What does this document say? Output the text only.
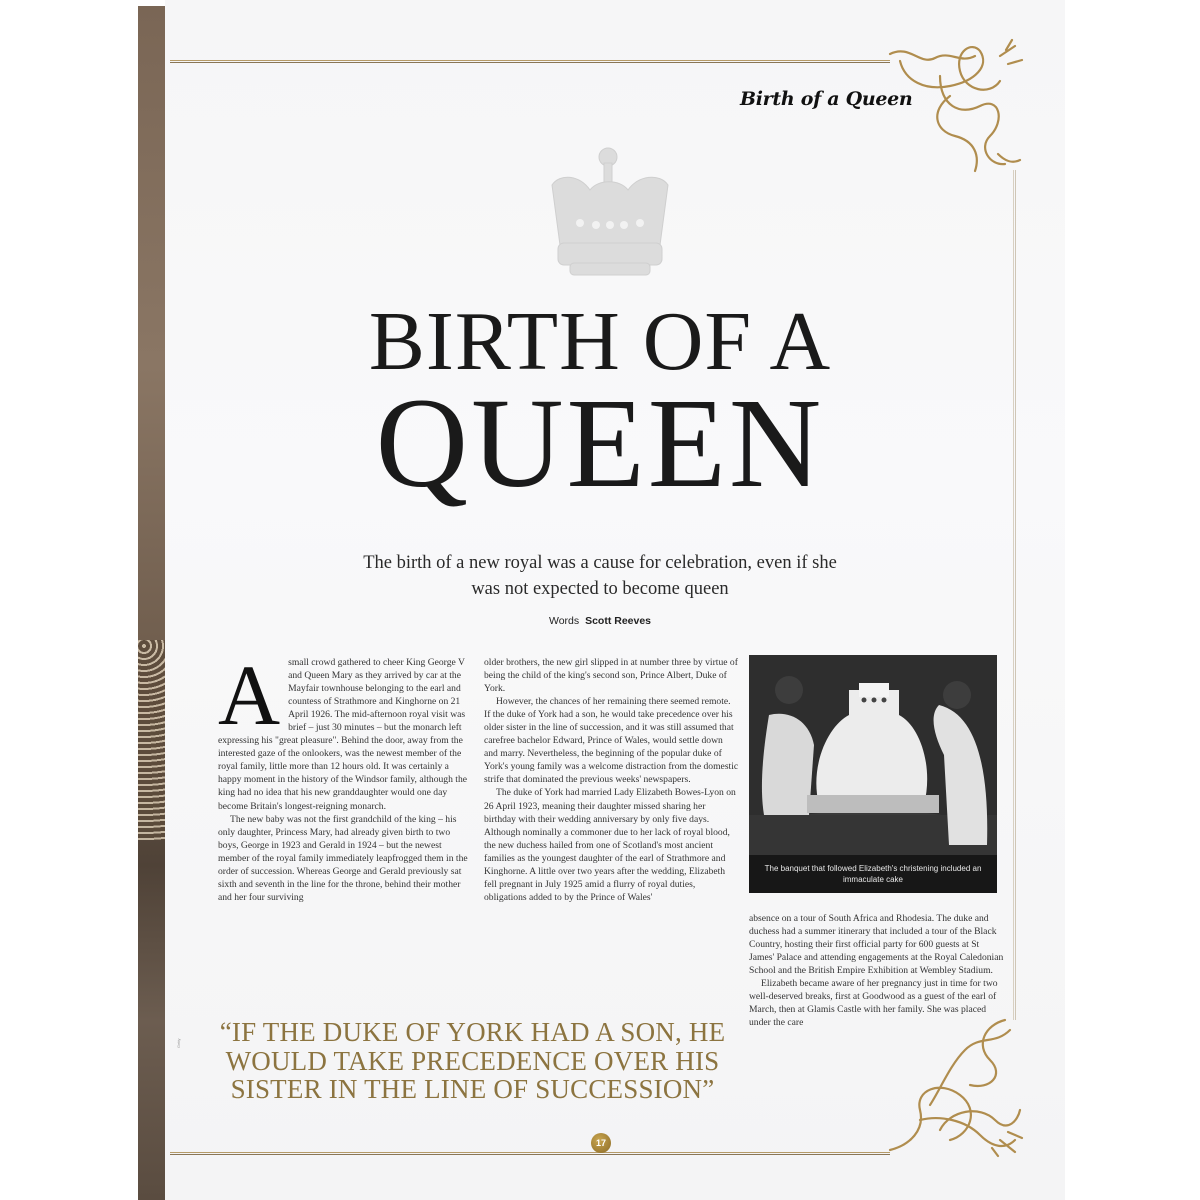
Birth of a Queen
BIRTH OF A
QUEEN

The birth of a new royal was a cause for celebration, even if she was not expected to become queen

Words Scott Reeves
A small crowd gathered to cheer King George V and Queen Mary as they arrived by car at the Mayfair townhouse belonging to the earl and countess of Strathmore and Kinghorne on 21 April 1926. The mid-afternoon royal visit was brief – just 30 minutes – but the monarch left expressing his "great pleasure". Behind the door, away from the interested gaze of the onlookers, was the newest member of the royal family, little more than 12 hours old. It was certainly a happy moment in the history of the Windsor family, although the king had no idea that his new granddaughter would one day become Britain's longest-reigning monarch.

The new baby was not the first grandchild of the king – his only daughter, Princess Mary, had already given birth to two boys, George in 1923 and Gerald in 1924 – but the newest member of the royal family immediately leapfrogged them in the order of succession. Whereas George and Gerald previously sat sixth and seventh in the line for the throne, behind their mother and her four surviving

older brothers, the new girl slipped in at number three by virtue of being the child of the king's second son, Prince Albert, Duke of York.

However, the chances of her remaining there seemed remote. If the duke of York had a son, he would take precedence over his older sister in the line of succession, and it was still assumed that carefree bachelor Edward, Prince of Wales, would settle down and marry. Nevertheless, the beginning of the popular duke of York's young family was a welcome distraction from the domestic strife that dominated the previous weeks' newspapers.

The duke of York had married Lady Elizabeth Bowes-Lyon on 26 April 1923, meaning their daughter missed sharing her birthday with their wedding anniversary by only five days. Although nominally a commoner due to her lack of royal blood, the new duchess hailed from one of Scotland's most ancient families as the youngest daughter of the earl of Strathmore and Kinghorne. A little over two years after the wedding, Elizabeth fell pregnant in July 1925 amid a flurry of royal duties, obligations added to by the Prince of Wales'

The banquet that followed Elizabeth's christening included an immaculate cake

absence on a tour of South Africa and Rhodesia. The duke and duchess had a summer itinerary that included a tour of the Black Country, hosting their first official party for 600 guests at St James' Palace and attending engagements at the Royal Caledonian School and the British Empire Exhibition at Wembley Stadium.

Elizabeth became aware of her pregnancy just in time for two well-deserved breaks, first at Goodwood as a guest of the earl of March, then at Glamis Castle with her family. She was placed under the care

“IF THE DUKE OF YORK HAD A SON, HE WOULD TAKE PRECEDENCE OVER HIS SISTER IN THE LINE OF SUCCESSION”
Getty
17
